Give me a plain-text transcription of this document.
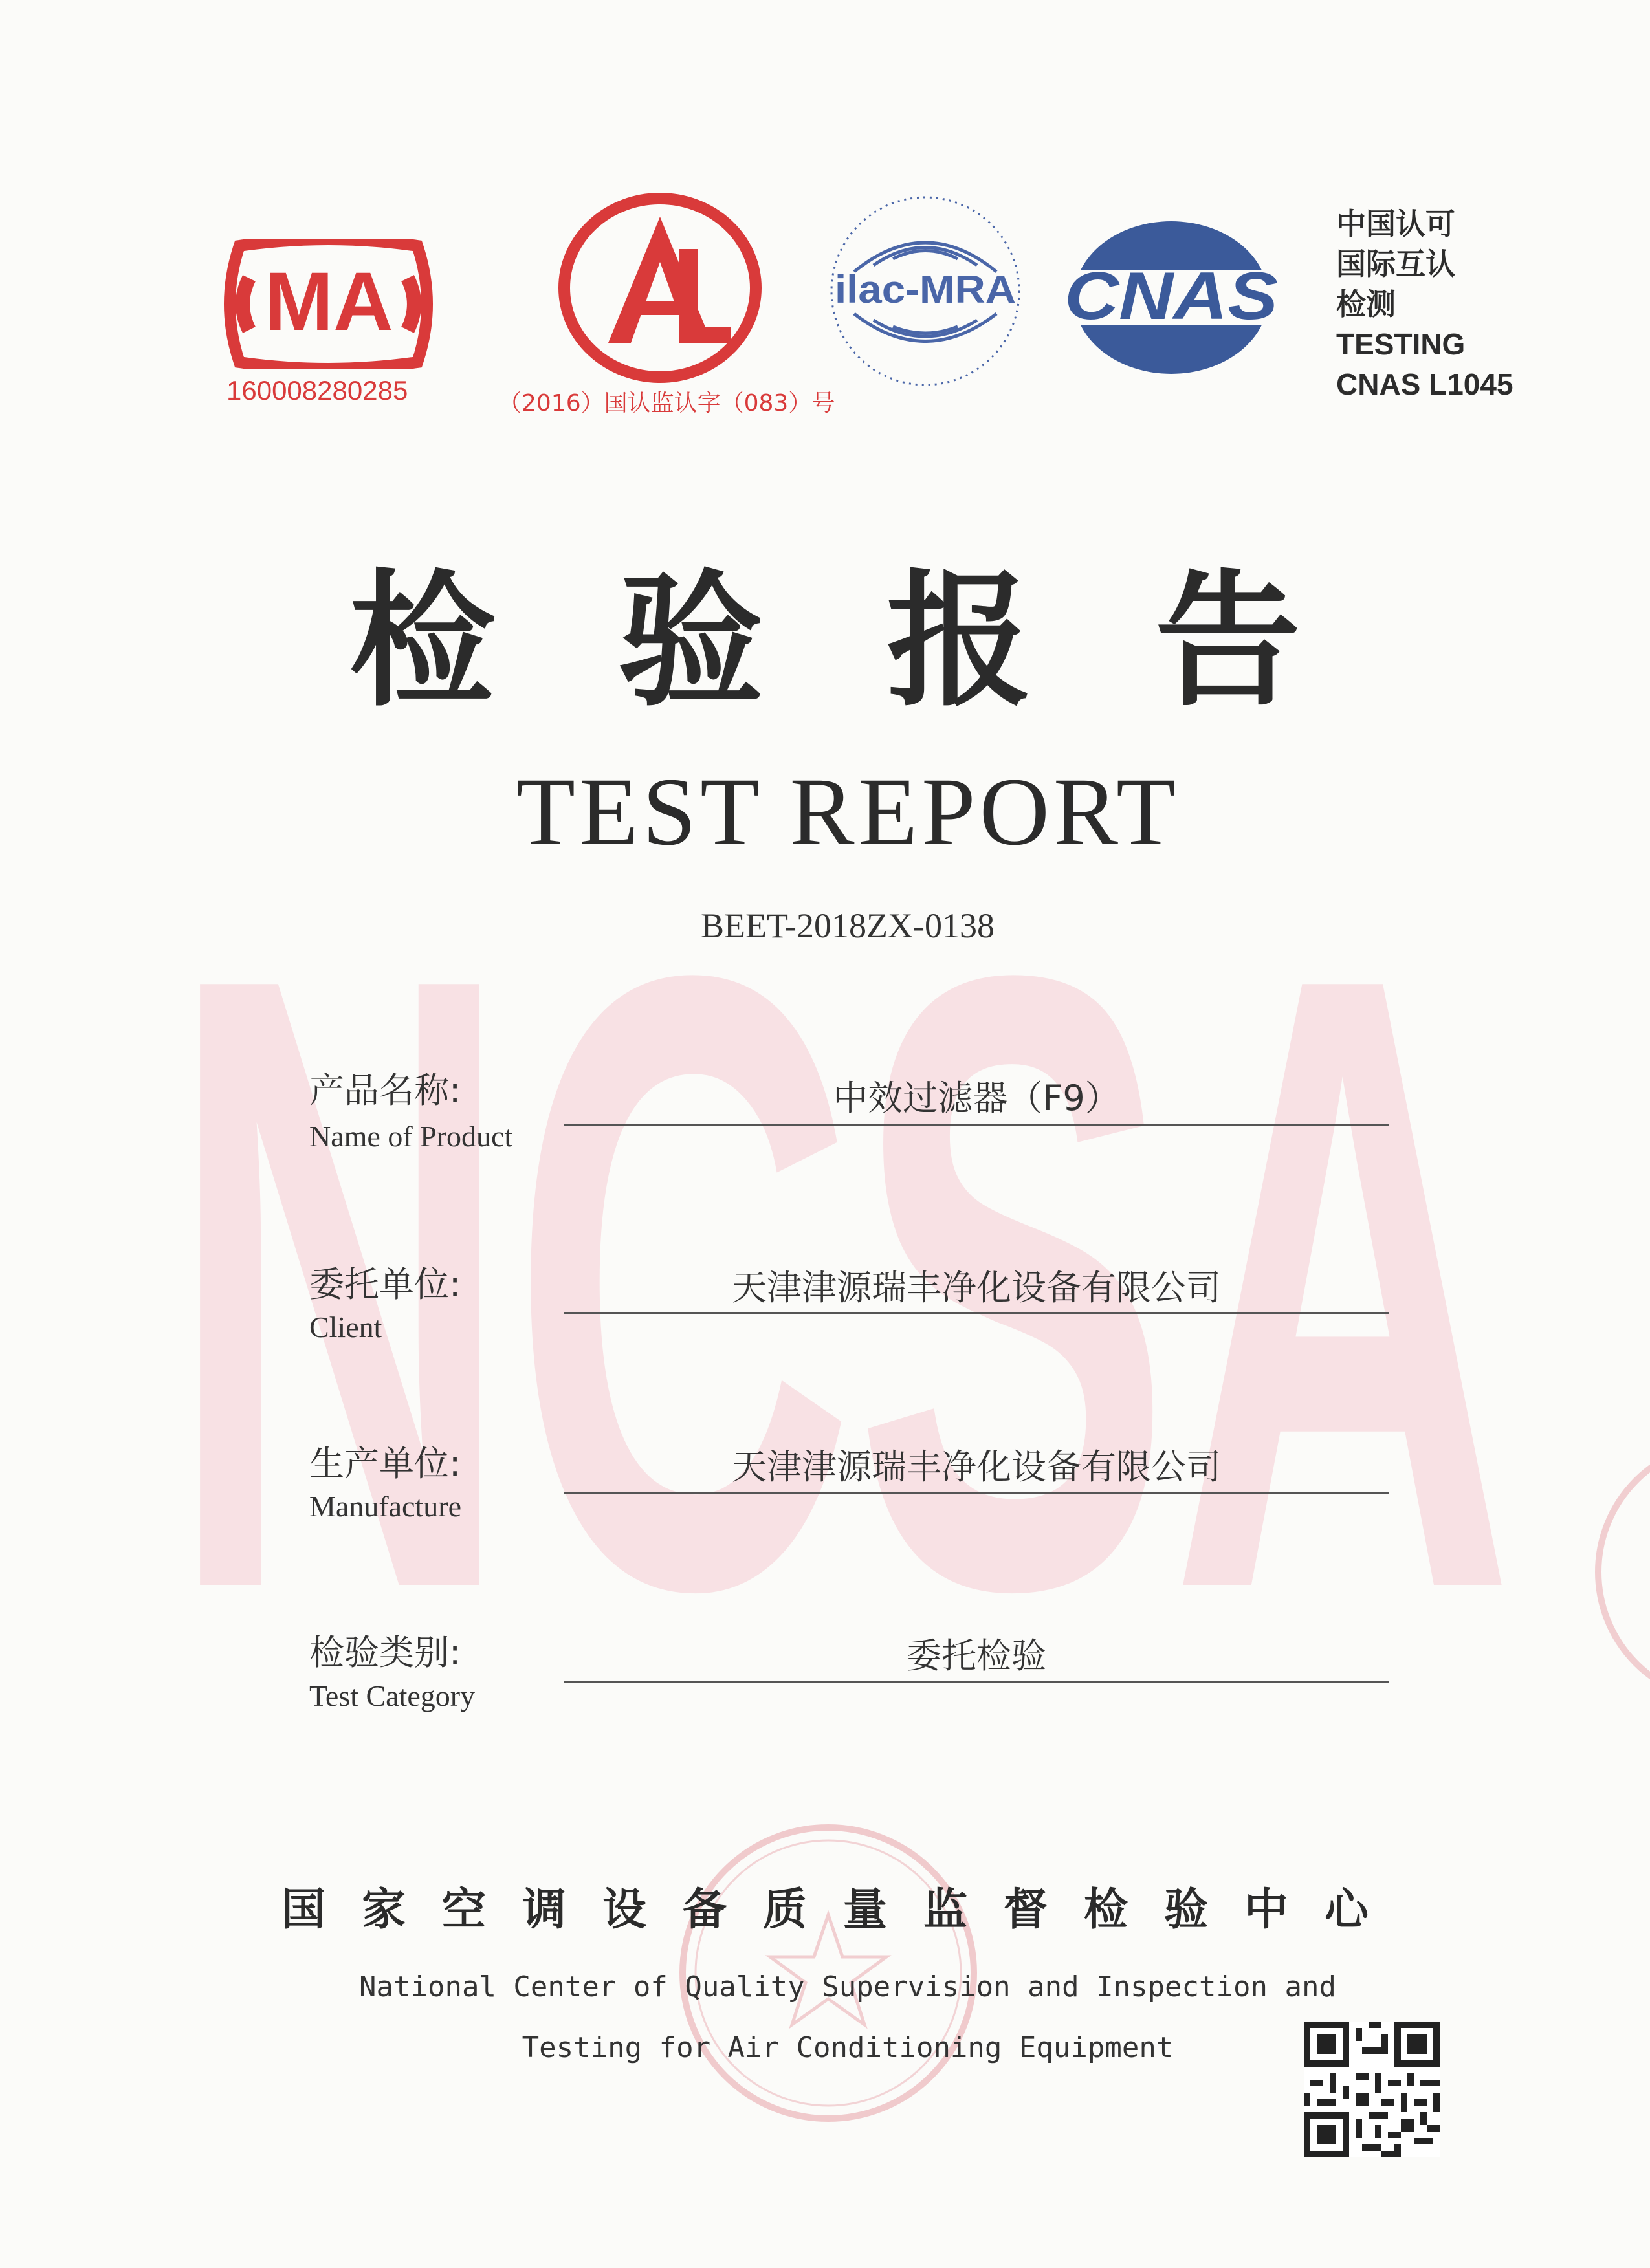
NCSA
MA
160008280285	（2016）国认监认字（083）号
ilac-MRA CNAS
中国认可
国际互认
检测
TESTING
CNAS L1045
检验报告
TEST REPORT
BEET-2018ZX-0138
产品名称:
Name of Product
中效过滤器（F9）
委托单位:
Client
天津津源瑞丰净化设备有限公司
生产单位:
Manufacture
天津津源瑞丰净化设备有限公司
检验类别:
Test Category
委托检验
国家空调设备质量监督检验中心
National Center of Quality Supervision and Inspection and
Testing for Air Conditioning Equipment
